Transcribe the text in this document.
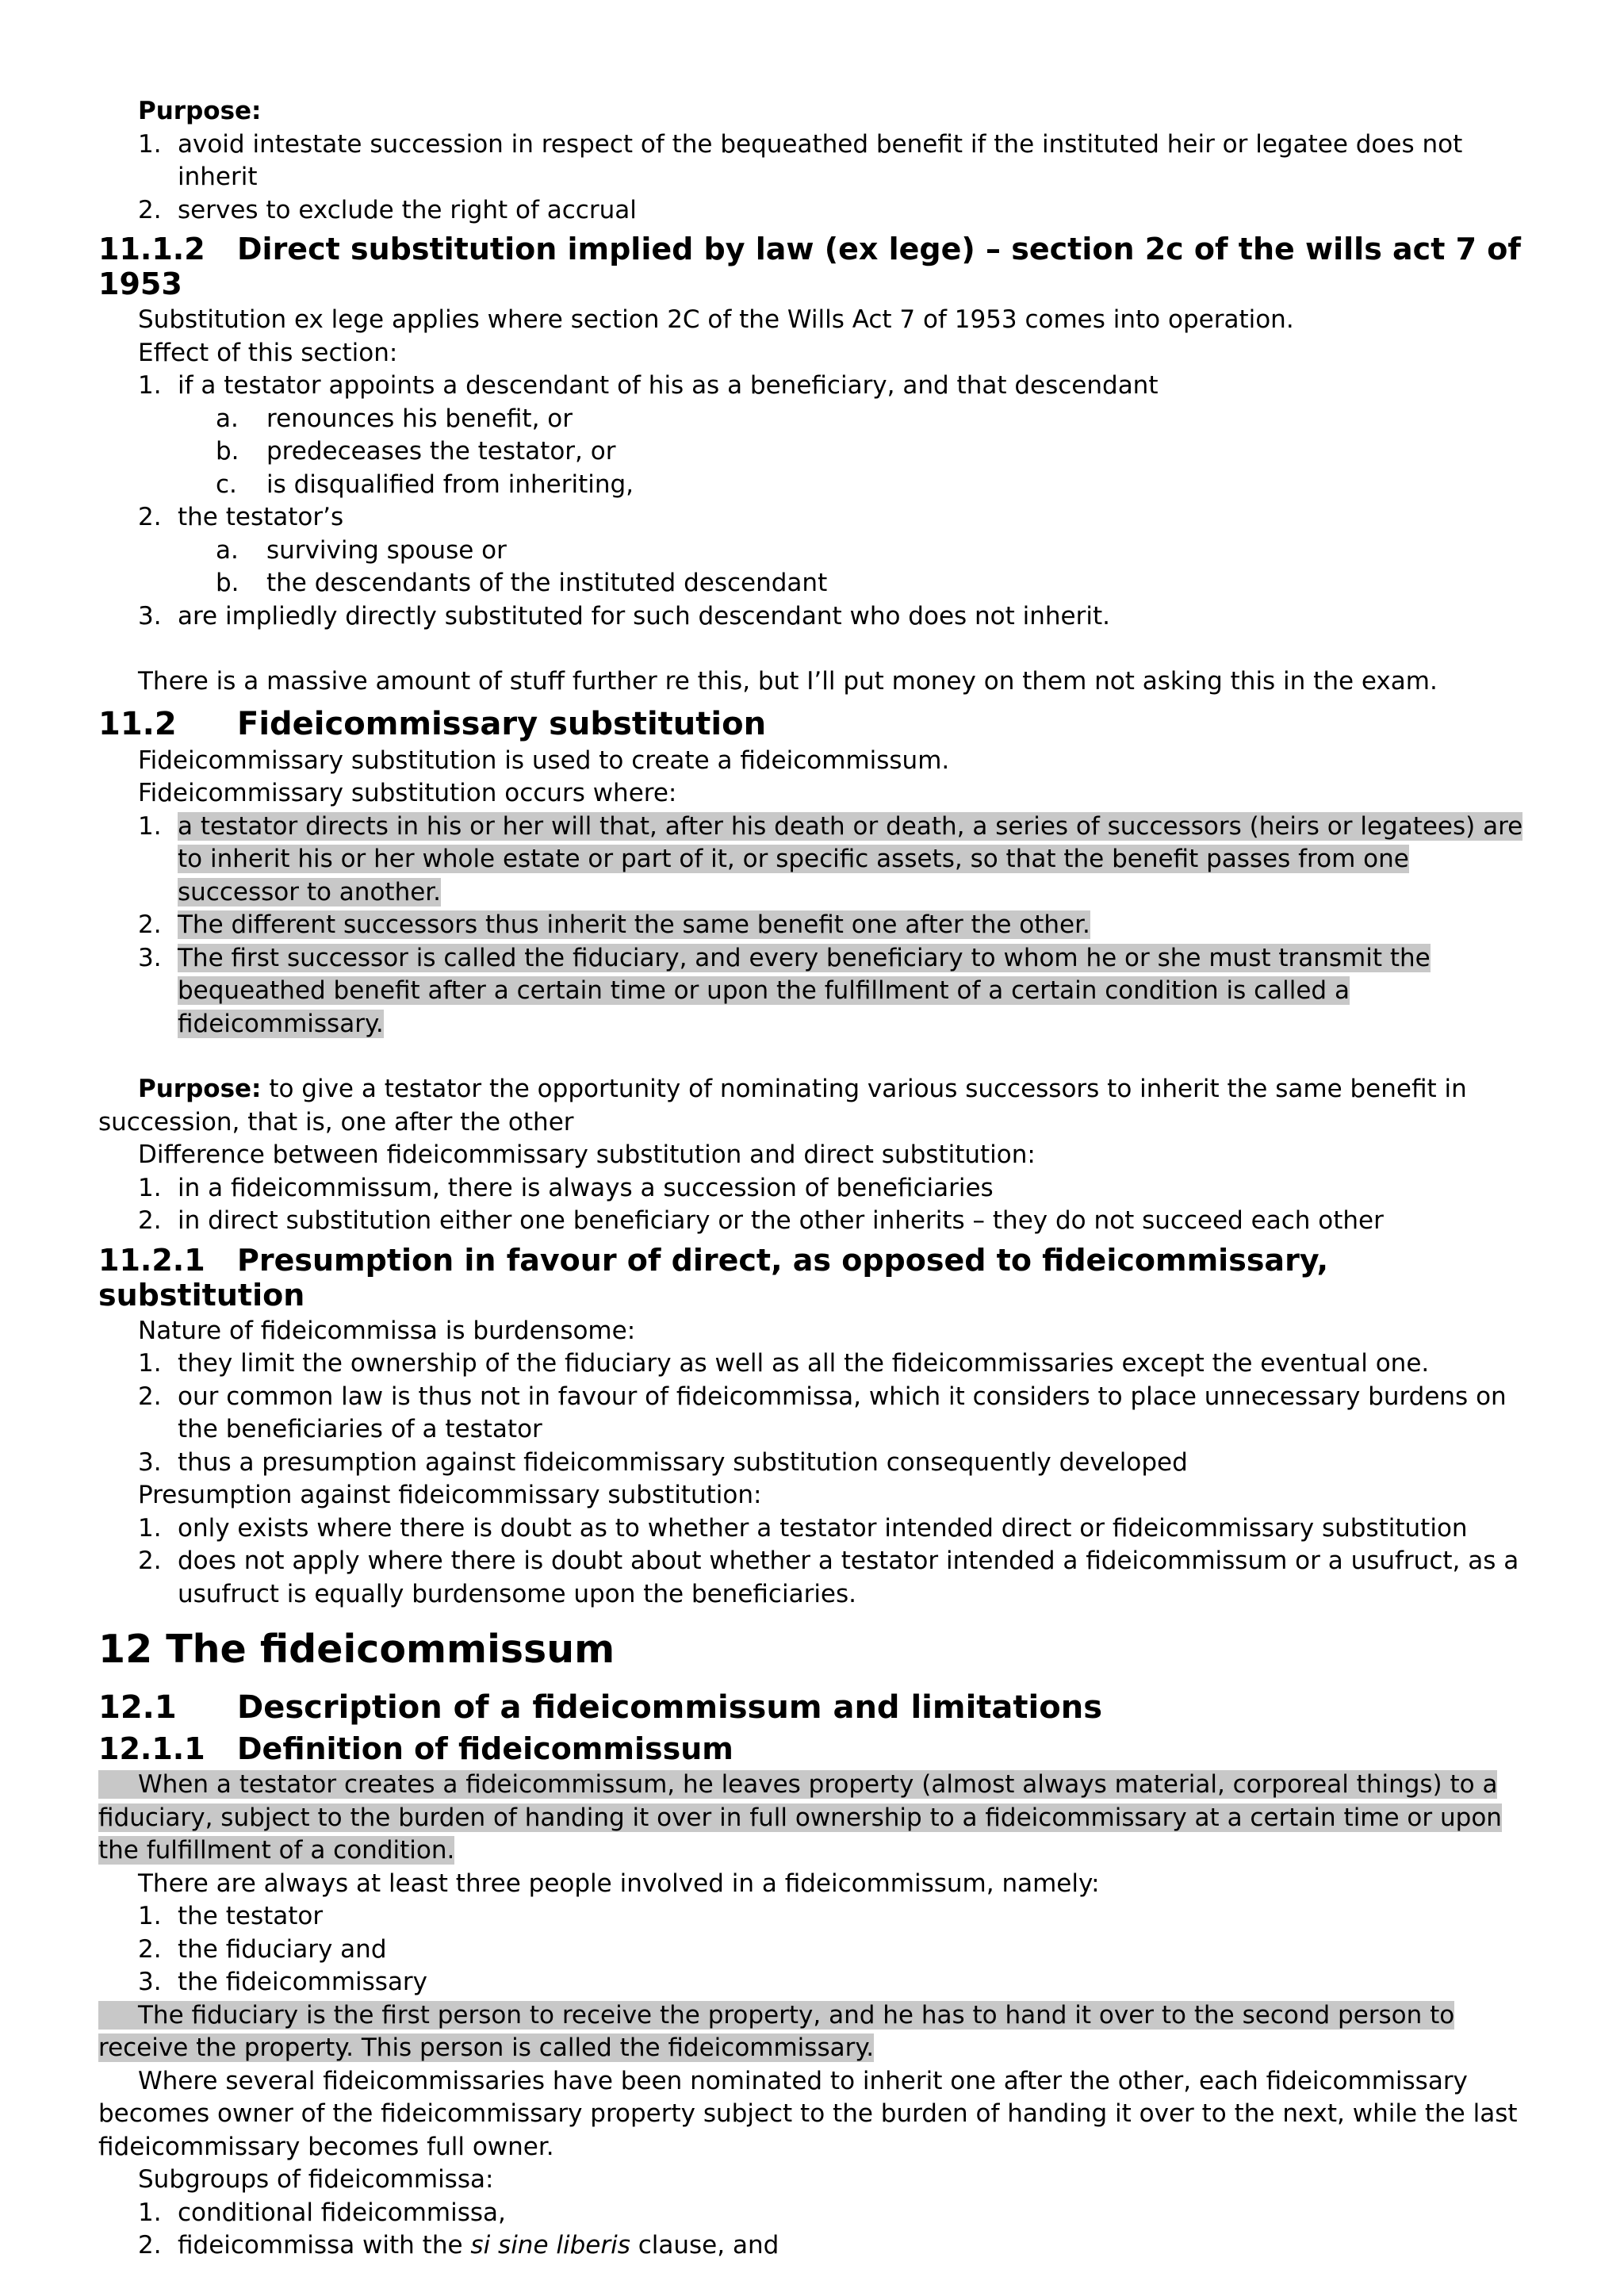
Purpose:
1. avoid intestate succession in respect of the bequeathed benefit if the instituted heir or legatee does not inherit
2. serves to exclude the right of accrual
11.1.2 Direct substitution implied by law (ex lege) – section 2c of the wills act 7 of 1953
Substitution ex lege applies where section 2C of the Wills Act 7 of 1953 comes into operation.
Effect of this section:
1. if a testator appoints a descendant of his as a beneficiary, and that descendant
a. renounces his benefit, or
b. predeceases the testator, or
c. is disqualified from inheriting,
2. the testator’s
a. surviving spouse or
b. the descendants of the instituted descendant
3. are impliedly directly substituted for such descendant who does not inherit.
There is a massive amount of stuff further re this, but I’ll put money on them not asking this in the exam.
11.2 Fideicommissary substitution
Fideicommissary substitution is used to create a fideicommissum.
Fideicommissary substitution occurs where:
1. a testator directs in his or her will that, after his death or death, a series of successors (heirs or legatees) are to inherit his or her whole estate or part of it, or specific assets, so that the benefit passes from one successor to another.
2. The different successors thus inherit the same benefit one after the other.
3. The first successor is called the fiduciary, and every beneficiary to whom he or she must transmit the bequeathed benefit after a certain time or upon the fulfillment of a certain condition is called a fideicommissary.
Purpose: to give a testator the opportunity of nominating various successors to inherit the same benefit in succession, that is, one after the other
Difference between fideicommissary substitution and direct substitution:
1. in a fideicommissum, there is always a succession of beneficiaries
2. in direct substitution either one beneficiary or the other inherits – they do not succeed each other
11.2.1 Presumption in favour of direct, as opposed to fideicommissary, substitution
Nature of fideicommissa is burdensome:
1. they limit the ownership of the fiduciary as well as all the fideicommissaries except the eventual one.
2. our common law is thus not in favour of fideicommissa, which it considers to place unnecessary burdens on the beneficiaries of a testator
3. thus a presumption against fideicommissary substitution consequently developed
Presumption against fideicommissary substitution:
1. only exists where there is doubt as to whether a testator intended direct or fideicommissary substitution
2. does not apply where there is doubt about whether a testator intended a fideicommissum or a usufruct, as a usufruct is equally burdensome upon the beneficiaries.
12 The fideicommissum
12.1 Description of a fideicommissum and limitations
12.1.1 Definition of fideicommissum
When a testator creates a fideicommissum, he leaves property (almost always material, corporeal things) to a fiduciary, subject to the burden of handing it over in full ownership to a fideicommissary at a certain time or upon the fulfillment of a condition.
There are always at least three people involved in a fideicommissum, namely:
1. the testator
2. the fiduciary and
3. the fideicommissary
The fiduciary is the first person to receive the property, and he has to hand it over to the second person to receive the property. This person is called the fideicommissary.
Where several fideicommissaries have been nominated to inherit one after the other, each fideicommissary becomes owner of the fideicommissary property subject to the burden of handing it over to the next, while the last fideicommissary becomes full owner.
Subgroups of fideicommissa:
1. conditional fideicommissa,
2. fideicommissa with the si sine liberis clause, and
